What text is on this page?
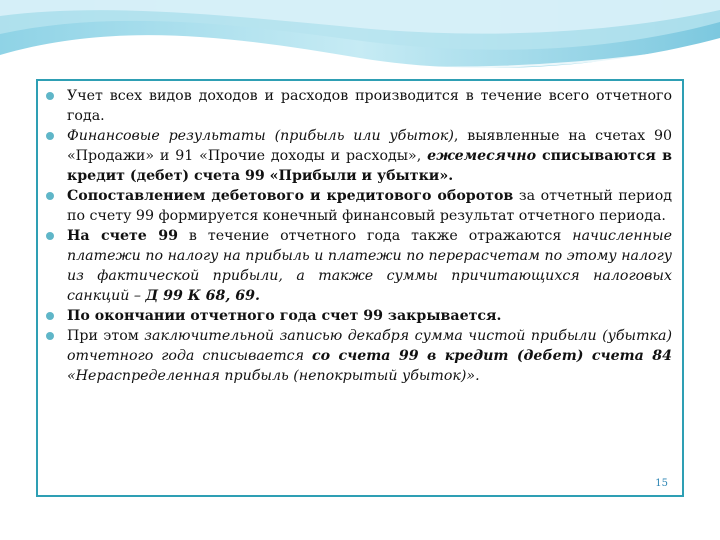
Учет всех видов доходов и расходов производится в течение всего отчетного года.
Финансовые результаты (прибыль или убыток), выявленные на счетах 90 «Продажи» и 91 «Прочие доходы и расходы», ежемесячно списываются в кредит (дебет) счета 99 «Прибыли и убытки».
Сопоставлением дебетового и кредитового оборотов за отчетный период по счету 99 формируется конечный финансовый результат отчетного периода.
На счете 99 в течение отчетного года также отражаются начисленные платежи по налогу на прибыль и платежи по перерасчетам по этому налогу из фактической прибыли, а также суммы причитающихся налоговых санкций – Д 99 К 68, 69.
По окончании отчетного года счет 99 закрывается.
При этом заключительной записью декабря сумма чистой прибыли (убытка) отчетного года списывается со счета 99 в кредит (дебет) счета 84 «Нераспределенная прибыль (непокрытый убыток)».
15
